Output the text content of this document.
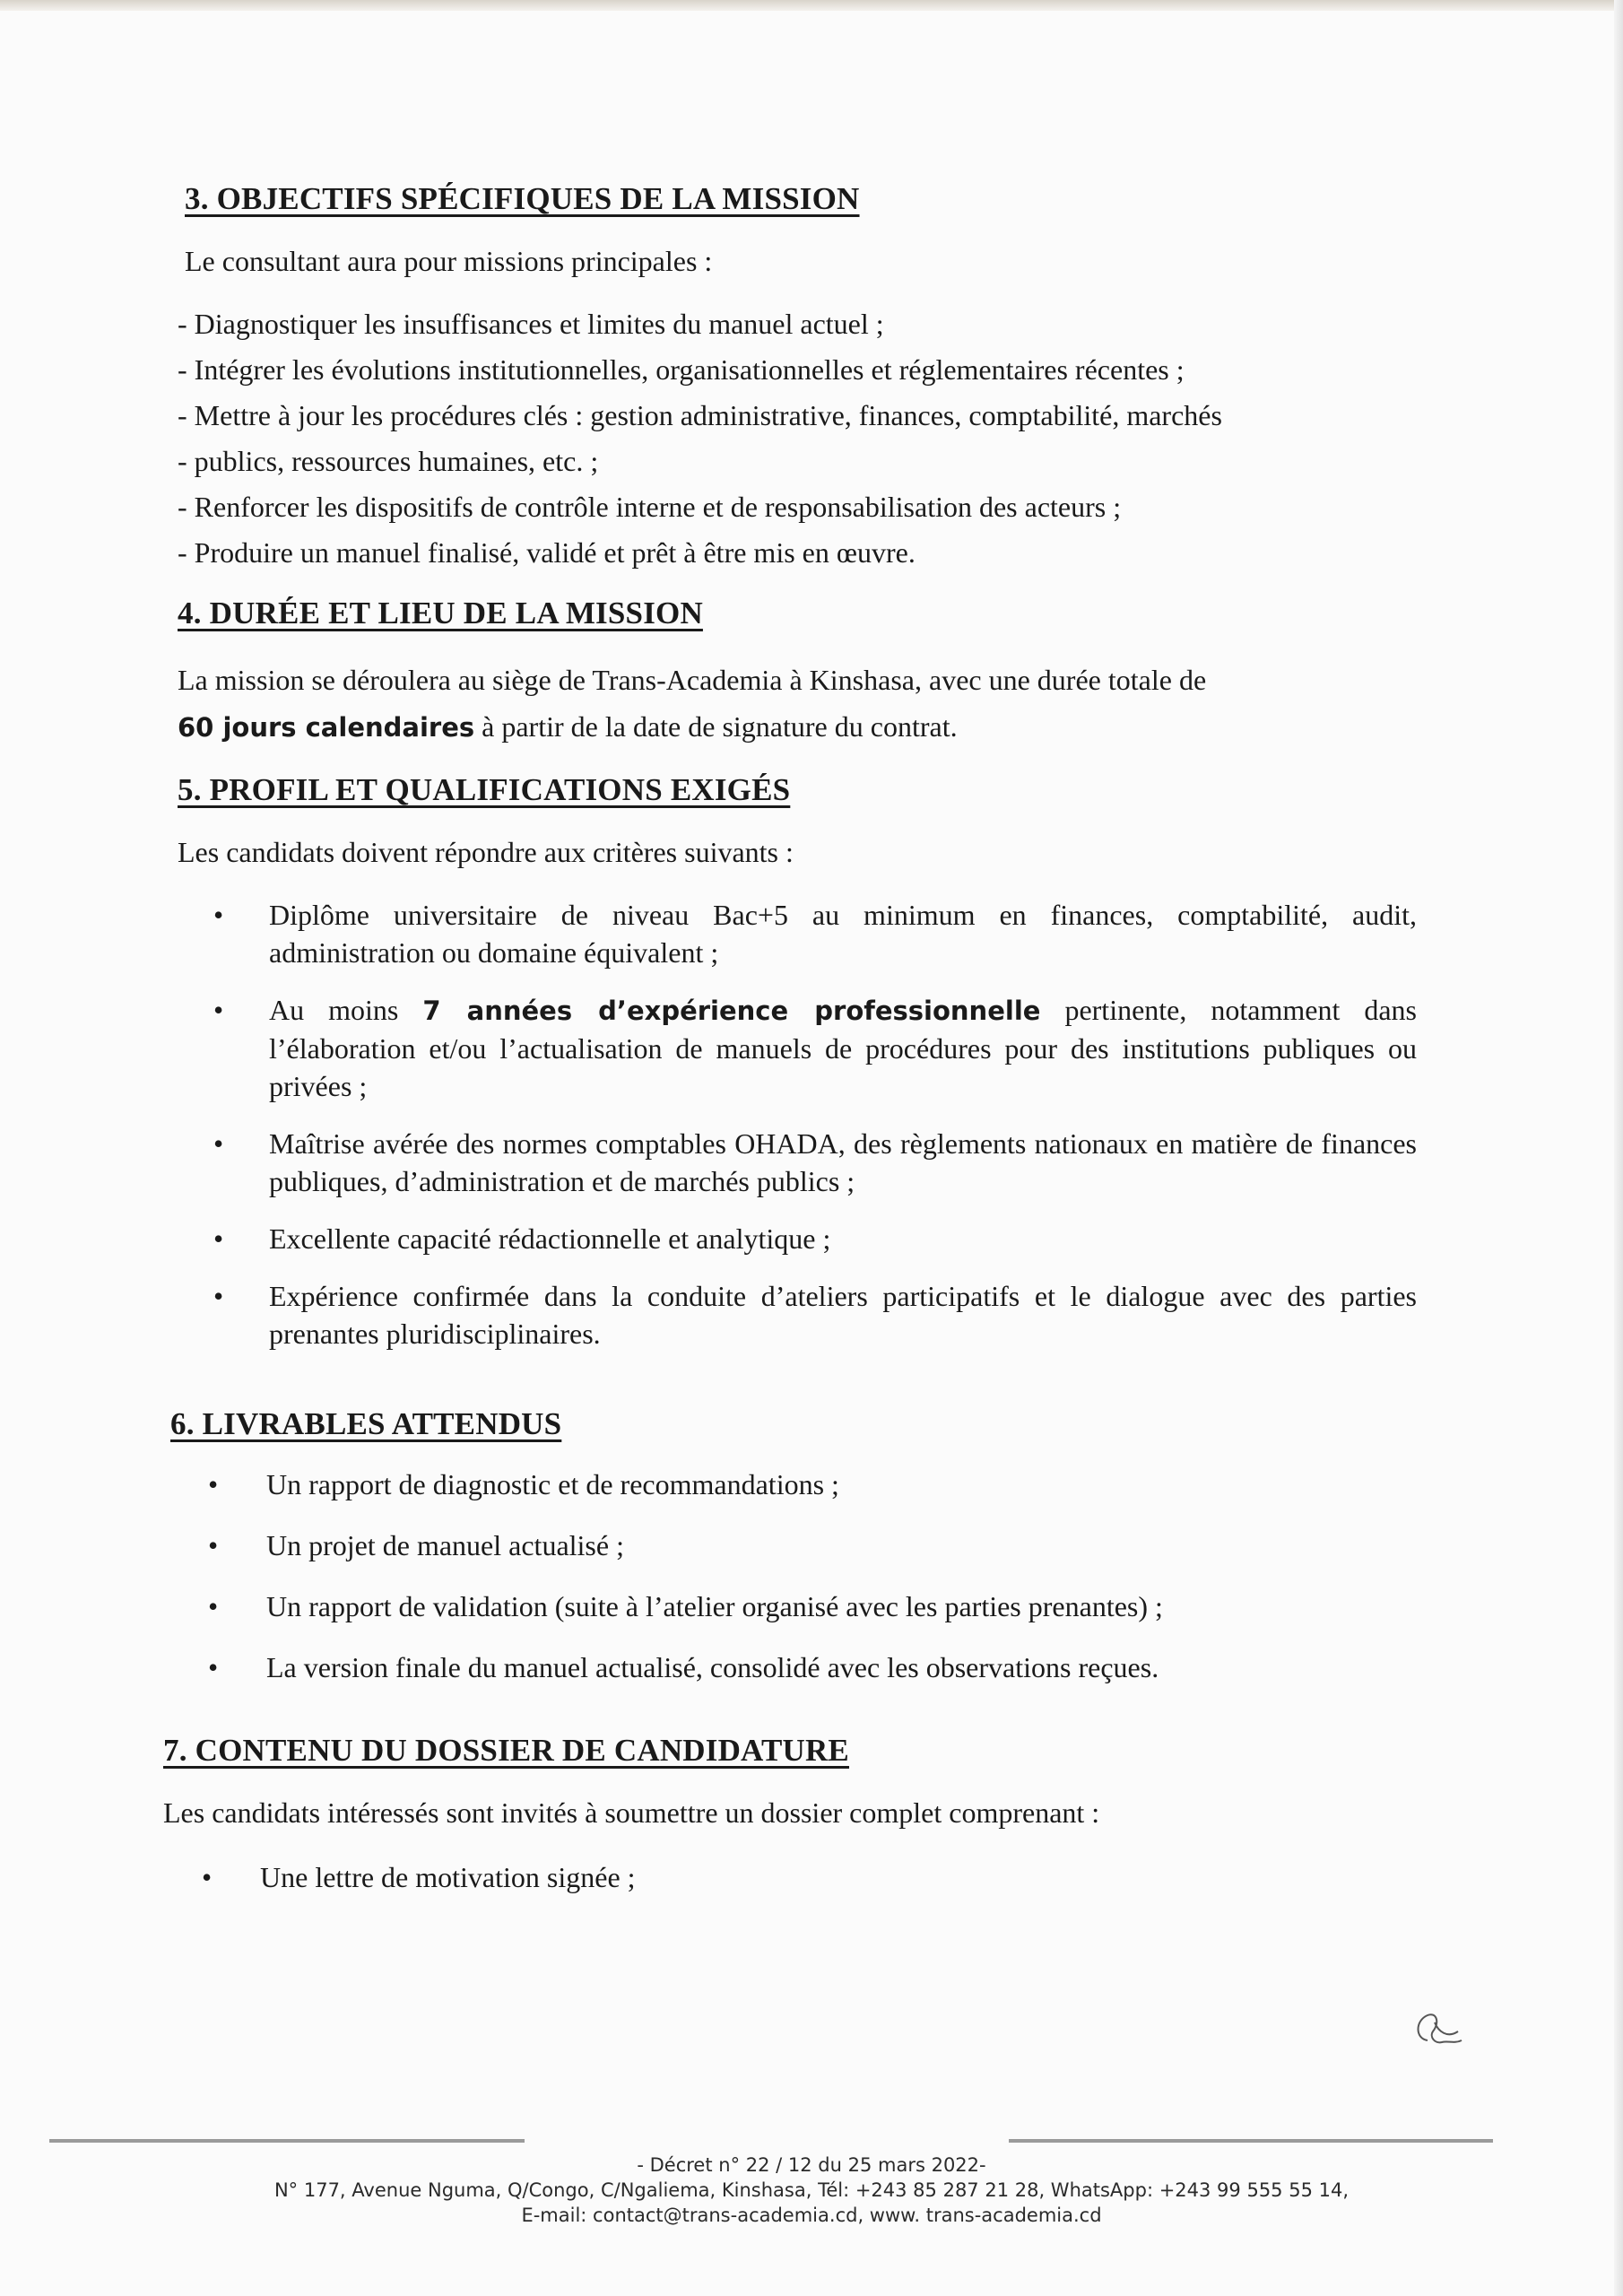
3. OBJECTIFS SPÉCIFIQUES DE LA MISSION

Le consultant aura pour missions principales :

- Diagnostiquer les insuffisances et limites du manuel actuel ;

- Intégrer les évolutions institutionnelles, organisationnelles et réglementaires récentes ;

- Mettre à jour les procédures clés : gestion administrative, finances, comptabilité, marchés

- publics, ressources humaines, etc. ;

- Renforcer les dispositifs de contrôle interne et de responsabilisation des acteurs ;

- Produire un manuel finalisé, validé et prêt à être mis en œuvre.

4. DURÉE ET LIEU DE LA MISSION

La mission se déroulera au siège de Trans-Academia à Kinshasa, avec une durée totale de
60 jours calendaires à partir de la date de signature du contrat.

5. PROFIL ET QUALIFICATIONS EXIGÉS

Les candidats doivent répondre aux critères suivants :

• Diplôme universitaire de niveau Bac+5 au minimum en finances, comptabilité, audit, administration ou domaine équivalent ;
• Au moins 7 années d’expérience professionnelle pertinente, notamment dans l’élaboration et/ou l’actualisation de manuels de procédures pour des institutions publiques ou privées ;
• Maîtrise avérée des normes comptables OHADA, des règlements nationaux en matière de finances publiques, d’administration et de marchés publics ;
• Excellente capacité rédactionnelle et analytique ;
• Expérience confirmée dans la conduite d’ateliers participatifs et le dialogue avec des parties prenantes pluridisciplinaires.
6. LIVRABLES ATTENDUS
• Un rapport de diagnostic et de recommandations ;
• Un projet de manuel actualisé ;
• Un rapport de validation (suite à l’atelier organisé avec les parties prenantes) ;
• La version finale du manuel actualisé, consolidé avec les observations reçues.
7. CONTENU DU DOSSIER DE CANDIDATURE

Les candidats intéressés sont invités à soumettre un dossier complet comprenant :

• Une lettre de motivation signée ;
- Décret n° 22 / 12 du 25 mars 2022-
N° 177, Avenue Nguma, Q/Congo, C/Ngaliema, Kinshasa, Tél: +243 85 287 21 28, WhatsApp: +243 99 555 55 14,
E-mail: contact@trans-academia.cd, www. trans-academia.cd
